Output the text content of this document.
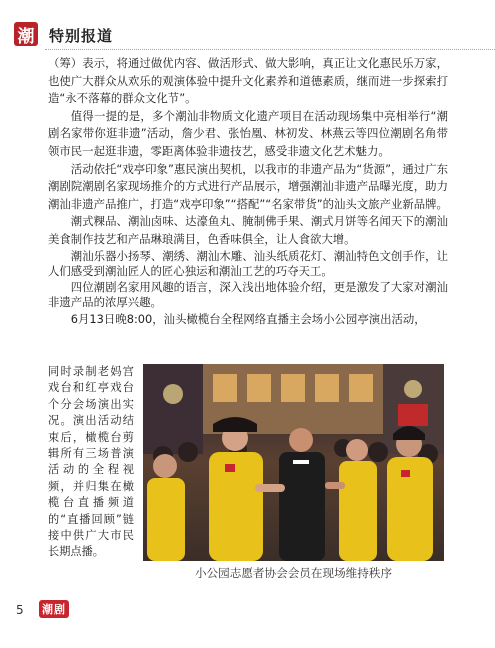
潮 特别报道

（筹）表示，将通过做优内容、做活形式、做大影响，真正让文化惠民乐万家，也使广大群众从欢乐的观演体验中提升文化素养和道德素质，继而进一步探索打造“永不落幕的群众文化节”。

值得一提的是，多个潮汕非物质文化遗产项目在活动现场集中亮相举行“潮剧名家带你逛非遗”活动，詹少君、张怡凰、林初发、林燕云等四位潮剧名角带领市民一起逛非遗，零距离体验非遗技艺，感受非遗文化艺术魅力。

活动依托“戏亭印象”惠民演出契机，以我市的非遗产品为“货源”，通过广东潮剧院潮剧名家现场推介的方式进行产品展示，增强潮汕非遗产品曝光度，助力潮汕非遗产品推广，打造“戏亭印象”“搭配”“名家带货”的汕头文旅产业新品牌。

潮式粿品、潮汕卤味、达濠鱼丸、腌制佛手果、潮式月饼等名闻天下的潮汕美食制作技艺和产品琳琅满目，色香味俱全，让人食欲大增。

潮汕乐器小扬琴、潮绣、潮汕木雕、汕头纸质花灯、潮汕特色文创手作，让人们感受到潮汕匠人的匠心独运和潮汕工艺的巧夺天工。

四位潮剧名家用风趣的语言，深入浅出地体验介绍，更是激发了大家对潮汕非遗产品的浓厚兴趣。

6月13日晚8:00，汕头橄榄台全程网络直播主会场小公园亭演出活动，

同时录制老妈宫戏台和红亭戏台个分会场演出实况。演出活动结束后，橄榄台剪辑所有三场普演活动的全程视频，并归集在橄榄台直播频道的“直播回顾”链接中供广大市民长期点播。

小公园志愿者协会会员在现场维持秩序

5 潮剧
